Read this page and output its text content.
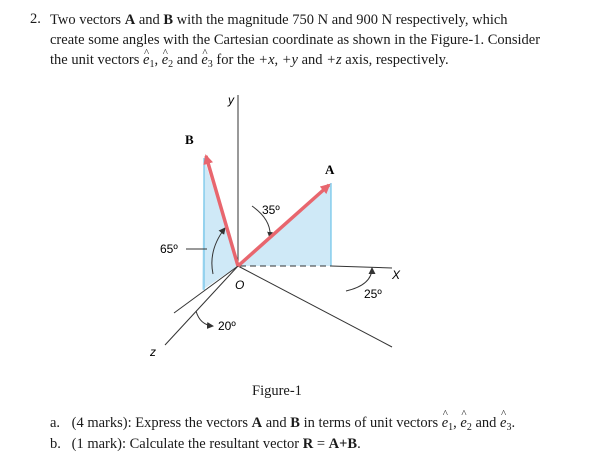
2. Two vectors A and B with the magnitude 750 N and 900 N respectively, which
create some angles with the Cartesian coordinate as shown in the Figure-1. Consider
the unit vectors e $\^{}_1$, e $\^{}_2$ and e $\^{}_3$ for the +x, +y and +z axis, respectively.
y
X
z
O
A
B
35º
65º
25º
20º
Figure-1
a. (4 marks): Express the vectors A and B in terms of unit vectors e $\^{}_1$, e $\^{}_2$ and e $\^{}_3$.
b. (1 mark): Calculate the resultant vector R = A+B.
